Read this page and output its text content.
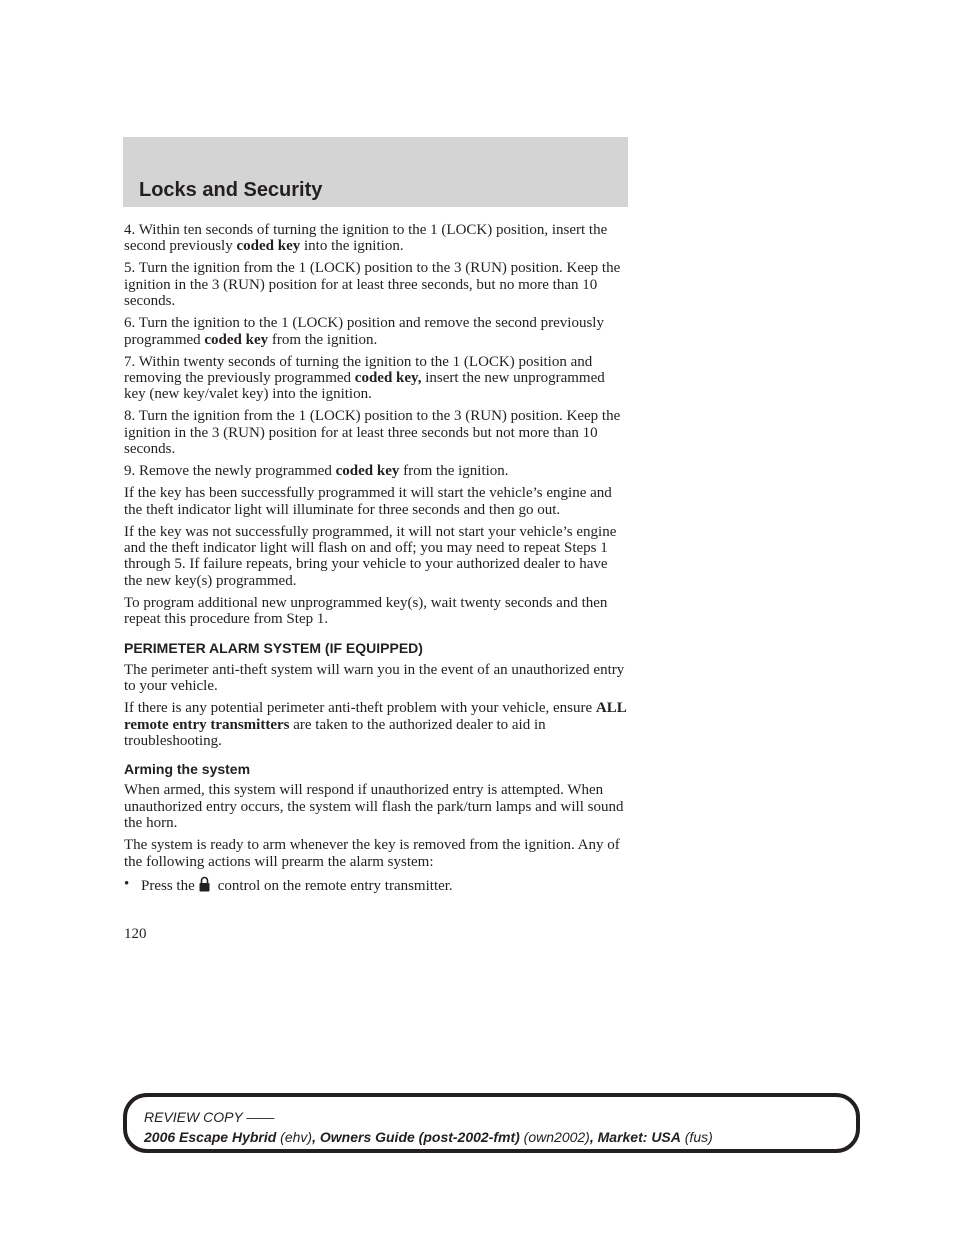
Locks and Security

4. Within ten seconds of turning the ignition to the 1 (LOCK) position, insert the second previously coded key into the ignition.

5. Turn the ignition from the 1 (LOCK) position to the 3 (RUN) position. Keep the ignition in the 3 (RUN) position for at least three seconds, but no more than 10 seconds.

6. Turn the ignition to the 1 (LOCK) position and remove the second previously programmed coded key from the ignition.

7. Within twenty seconds of turning the ignition to the 1 (LOCK) position and removing the previously programmed coded key, insert the new unprogrammed key (new key/valet key) into the ignition.

8. Turn the ignition from the 1 (LOCK) position to the 3 (RUN) position. Keep the ignition in the 3 (RUN) position for at least three seconds but not more than 10 seconds.

9. Remove the newly programmed coded key from the ignition.

If the key has been successfully programmed it will start the vehicle’s engine and the theft indicator light will illuminate for three seconds and then go out.

If the key was not successfully programmed, it will not start your vehicle’s engine and the theft indicator light will flash on and off; you may need to repeat Steps 1 through 5. If failure repeats, bring your vehicle to your authorized dealer to have the new key(s) programmed.

To program additional new unprogrammed key(s), wait twenty seconds and then repeat this procedure from Step 1.

PERIMETER ALARM SYSTEM (IF EQUIPPED)

The perimeter anti-theft system will warn you in the event of an unauthorized entry to your vehicle.

If there is any potential perimeter anti-theft problem with your vehicle, ensure ALL remote entry transmitters are taken to the authorized dealer to aid in troubleshooting.

Arming the system

When armed, this system will respond if unauthorized entry is attempted. When unauthorized entry occurs, the system will flash the park/turn lamps and will sound the horn.

The system is ready to arm whenever the key is removed from the ignition. Any of the following actions will prearm the alarm system:

• Press the control on the remote entry transmitter.
120
REVIEW COPY ——
2006 Escape Hybrid (ehv), Owners Guide (post-2002-fmt) (own2002), Market: USA (fus)
